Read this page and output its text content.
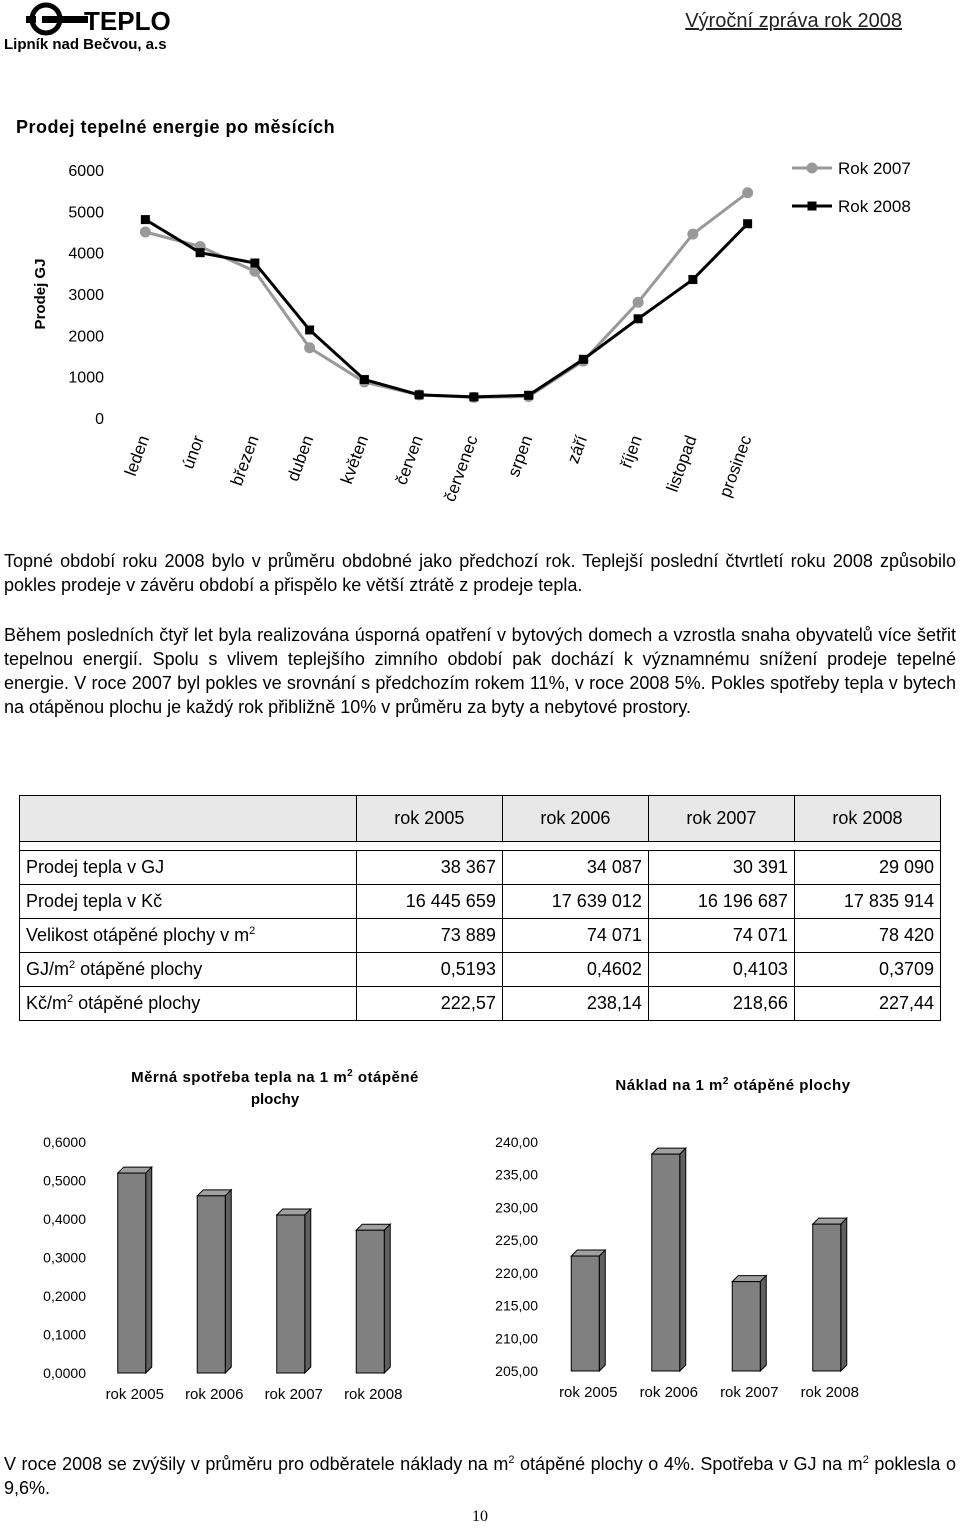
TEPLO
Lipník nad Bečvou, a.s
Výroční zpráva rok 2008
Prodej tepelné energie po měsících
Prodej GJ
6000
5000
4000
3000
2000
1000
0
leden únor březen duben květen červen červenec srpen září říjen listopad prosinec
Rok 2007
Rok 2008
Topné období roku 2008 bylo v průměru obdobné jako předchozí rok. Teplejší poslední čtvrtletí roku 2008 způsobilo pokles prodeje v závěru období a přispělo ke větší ztrátě z prodeje tepla.
Během posledních čtyř let byla realizována úsporná opatření v bytových domech a vzrostla snaha obyvatelů více šetřit tepelnou energií. Spolu s vlivem teplejšího zimního období pak dochází k významnému snížení prodeje tepelné energie. V roce 2007 byl pokles ve srovnání s předchozím rokem 11%, v roce 2008 5%. Pokles spotřeby tepla v bytech na otápěnou plochu je každý rok přibližně 10% v průměru za byty a nebytové prostory.
	rok 2005	rok 2006	rok 2007	rok 2008

Prodej tepla v GJ	38 367	34 087	30 391	29 090
Prodej tepla v Kč	16 445 659	17 639 012	16 196 687	17 835 914
Velikost otápěné plochy v $m^2$	73 889	74 071	74 071	78 420
$GJ/m^2$ otápěné plochy	0,5193	0,4602	0,4103	0,3709
$Kč/m^2$ otápěné plochy	222,57	238,14	218,66	227,44
Měrná spotřeba tepla na 1 $m^2$ otápěné
plochy
0,6000
0,5000
0,4000
0,3000
0,2000
0,1000
0,0000
rok 2005 rok 2006 rok 2007 rok 2008
Náklad na 1 $m^2$ otápěné plochy
240,00
235,00
230,00
225,00
220,00
215,00
210,00
205,00
rok 2005 rok 2006 rok 2007 rok 2008
V roce 2008 se zvýšily v průměru pro odběratele náklady na $m^2$ otápěné plochy o 4%. Spotřeba v GJ na $m^2$ poklesla o 9,6%.
10
